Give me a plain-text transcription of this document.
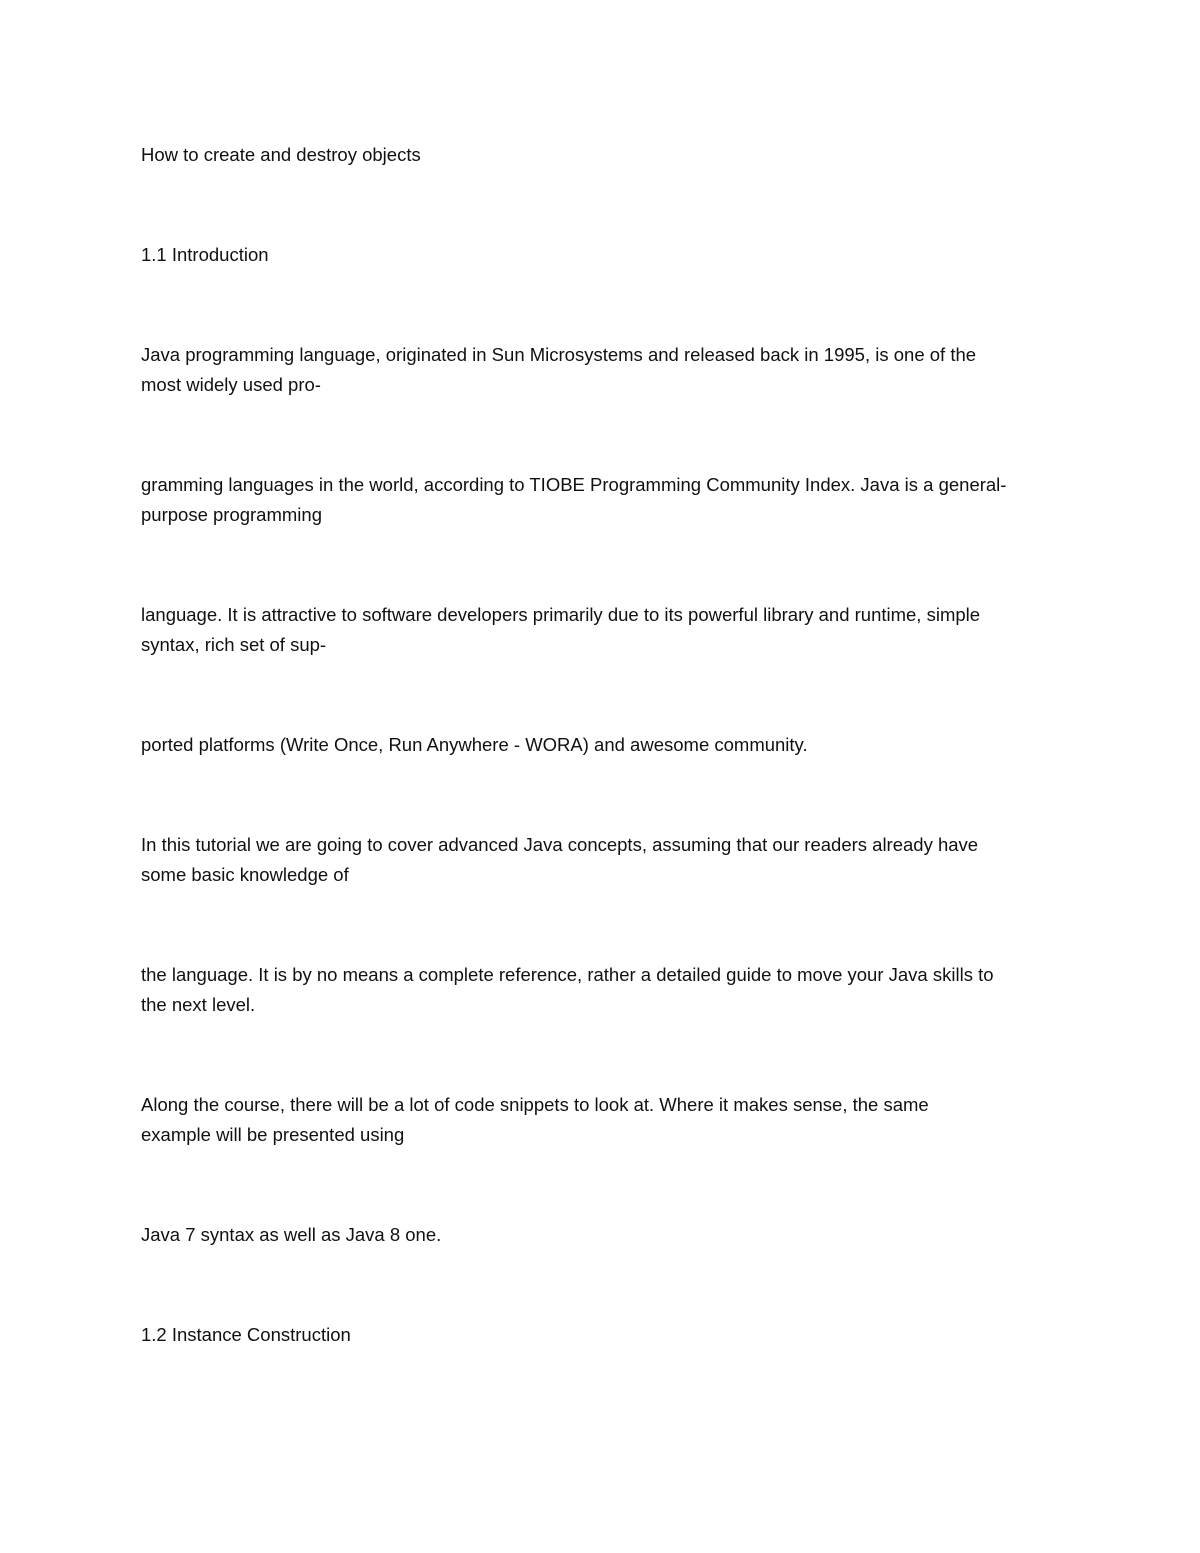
How to create and destroy objects

1.1 Introduction

Java programming language, originated in Sun Microsystems and released back in 1995, is one of the
most widely used pro-

gramming languages in the world, according to TIOBE Programming Community Index. Java is a general-
purpose programming

language. It is attractive to software developers primarily due to its powerful library and runtime, simple
syntax, rich set of sup-

ported platforms (Write Once, Run Anywhere - WORA) and awesome community.

In this tutorial we are going to cover advanced Java concepts, assuming that our readers already have
some basic knowledge of

the language. It is by no means a complete reference, rather a detailed guide to move your Java skills to
the next level.

Along the course, there will be a lot of code snippets to look at. Where it makes sense, the same
example will be presented using

Java 7 syntax as well as Java 8 one.

1.2 Instance Construction
